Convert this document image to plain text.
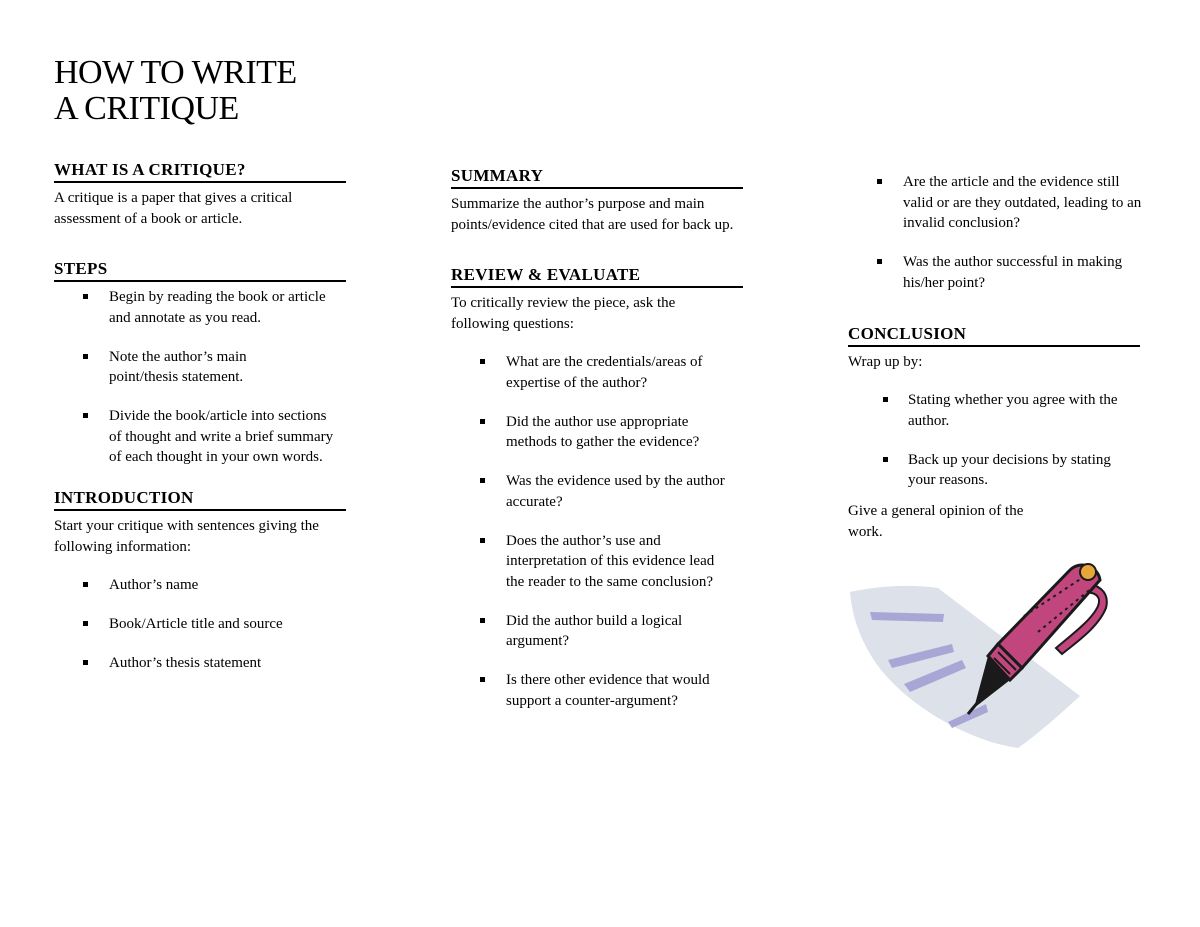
HOW TO WRITE
A CRITIQUE
WHAT IS A CRITIQUE?

A critique is a paper that gives a critical assessment of a book or article.

STEPS
Begin by reading the book or article and annotate as you read.
Note the author’s main point/thesis statement.
Divide the book/article into sections of thought and write a brief summary of each thought in your own words.
INTRODUCTION

Start your critique with sentences giving the following information:

Author’s name
Book/Article title and source
Author’s thesis statement
SUMMARY

Summarize the author’s purpose and main points/evidence cited that are used for back up.

REVIEW & EVALUATE

To critically review the piece, ask the following questions:

What are the credentials/areas of expertise of the author?
Did the author use appropriate methods to gather the evidence?
Was the evidence used by the author accurate?
Does the author’s use and interpretation of this evidence lead the reader to the same conclusion?
Did the author build a logical argument?
Is there other evidence that would support a counter-argument?
Are the article and the evidence still valid or are they outdated, leading to an invalid conclusion?
Was the author successful in making his/her point?
CONCLUSION

Wrap up by:

Stating whether you agree with the author.
Back up your decisions by stating your reasons.

Give a general opinion of the work.
